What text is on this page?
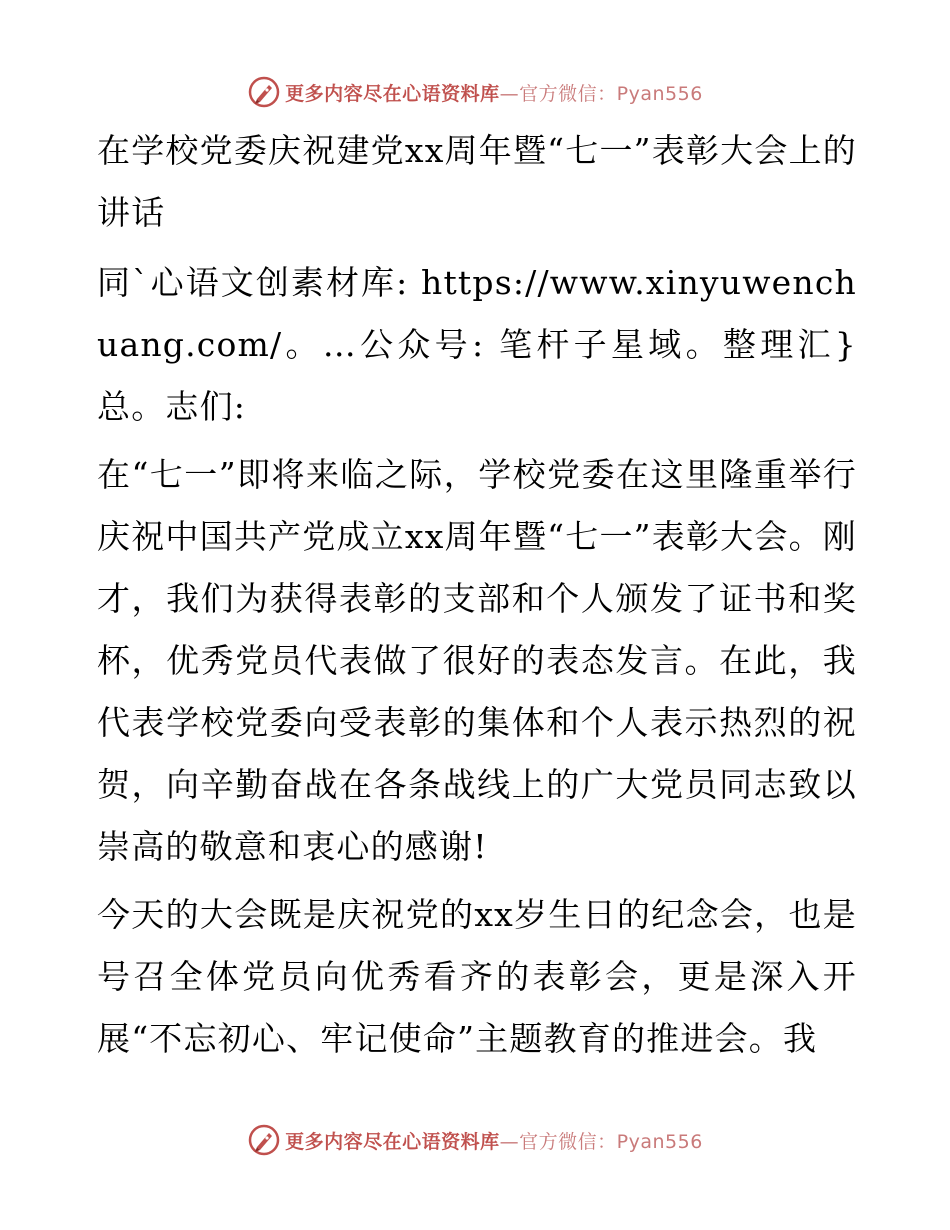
更多内容尽在心语资料库—官方微信：Pyan556

在学校党委庆祝建党xx周年暨“七一”表彰大会上的讲话

同`心语文创素材库: https://www.xinyuwenchuang.com/。…公众号: 笔杆子星域。整理汇}总。志们:

在“七一”即将来临之际，学校党委在这里隆重举行庆祝中国共产党成立xx周年暨“七一”表彰大会。刚才，我们为获得表彰的支部和个人颁发了证书和奖杯，优秀党员代表做了很好的表态发言。在此，我代表学校党委向受表彰的集体和个人表示热烈的祝贺，向辛勤奋战在各条战线上的广大党员同志致以崇高的敬意和衷心的感谢!

今天的大会既是庆祝党的xx岁生日的纪念会，也是号召全体党员向优秀看齐的表彰会，更是深入开展“不忘初心、牢记使命”主题教育的推进会。我

更多内容尽在心语资料库—官方微信：Pyan556
